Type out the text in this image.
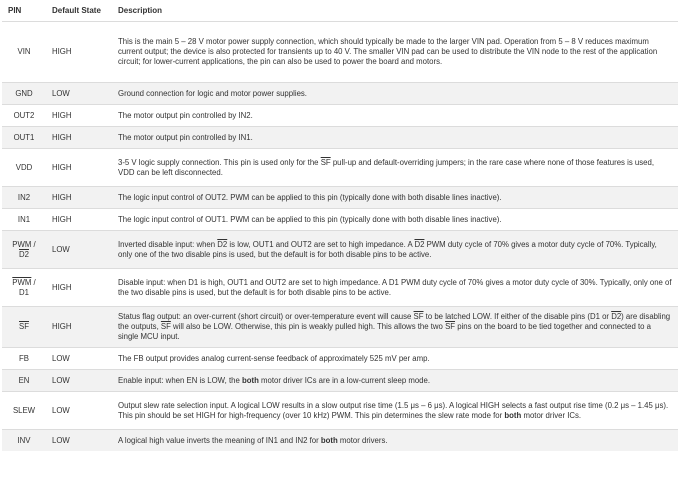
PIN	Default State	Description
VIN	HIGH	This is the main 5 – 28 V motor power supply connection, which should typically be made to the larger VIN pad. Operation from 5 – 8 V reduces maximum current output; the device is also protected for transients up to 40 V. The smaller VIN pad can be used to distribute the VIN node to the rest of the application circuit; for lower-current applications, the pin can also be used to power the board and motors.
GND	LOW	Ground connection for logic and motor power supplies.
OUT2	HIGH	The motor output pin controlled by IN2.
OUT1	HIGH	The motor output pin controlled by IN1.
VDD	HIGH	3-5 V logic supply connection. This pin is used only for the $\overline{SF}$ pull-up and default-overriding jumpers; in the rare case where none of those features is used, VDD can be left disconnected.
IN2	HIGH	The logic input control of OUT2. PWM can be applied to this pin (typically done with both disable lines inactive).
IN1	HIGH	The logic input control of OUT1. PWM can be applied to this pin (typically done with both disable lines inactive).
PWM / D2	LOW	Inverted disable input: when D2 is low, OUT1 and OUT2 are set to high impedance. A D2 PWM duty cycle of 70% gives a motor duty cycle of 70%. Typically, only one of the two disable pins is used, but the default is for both disable pins to be active.
$\overline{PWM} / D1$	HIGH	Disable input: when D1 is high, OUT1 and OUT2 are set to high impedance. A D1 PWM duty cycle of 70% gives a motor duty cycle of 30%. Typically, only one of the two disable pins is used, but the default is for both disable pins to be active.
$\overline{SF}$	HIGH	Status flag output: an over-current (short circuit) or over-temperature event will cause $\overline{SF}$ to be latched LOW. If either of the disable pins (D1 or D2) are disabling the outputs, $\overline{SF}$ will also be LOW. Otherwise, this pin is weakly pulled high. This allows the two $\overline{SF}$ pins on the board to be tied together and connected to a single MCU input.
FB	LOW	The FB output provides analog current-sense feedback of approximately 525 mV per amp.
EN	LOW	Enable input: when EN is LOW, the both motor driver ICs are in a low-current sleep mode.
SLEW	LOW	Output slew rate selection input. A logical LOW results in a slow output rise time (1.5 μs – 6 μs). A logical HIGH selects a fast output rise time (0.2 μs – 1.45 μs). This pin should be set HIGH for high-frequency (over 10 kHz) PWM. This pin determines the slew rate mode for both motor driver ICs.
INV	LOW	A logical high value inverts the meaning of IN1 and IN2 for both motor drivers.
